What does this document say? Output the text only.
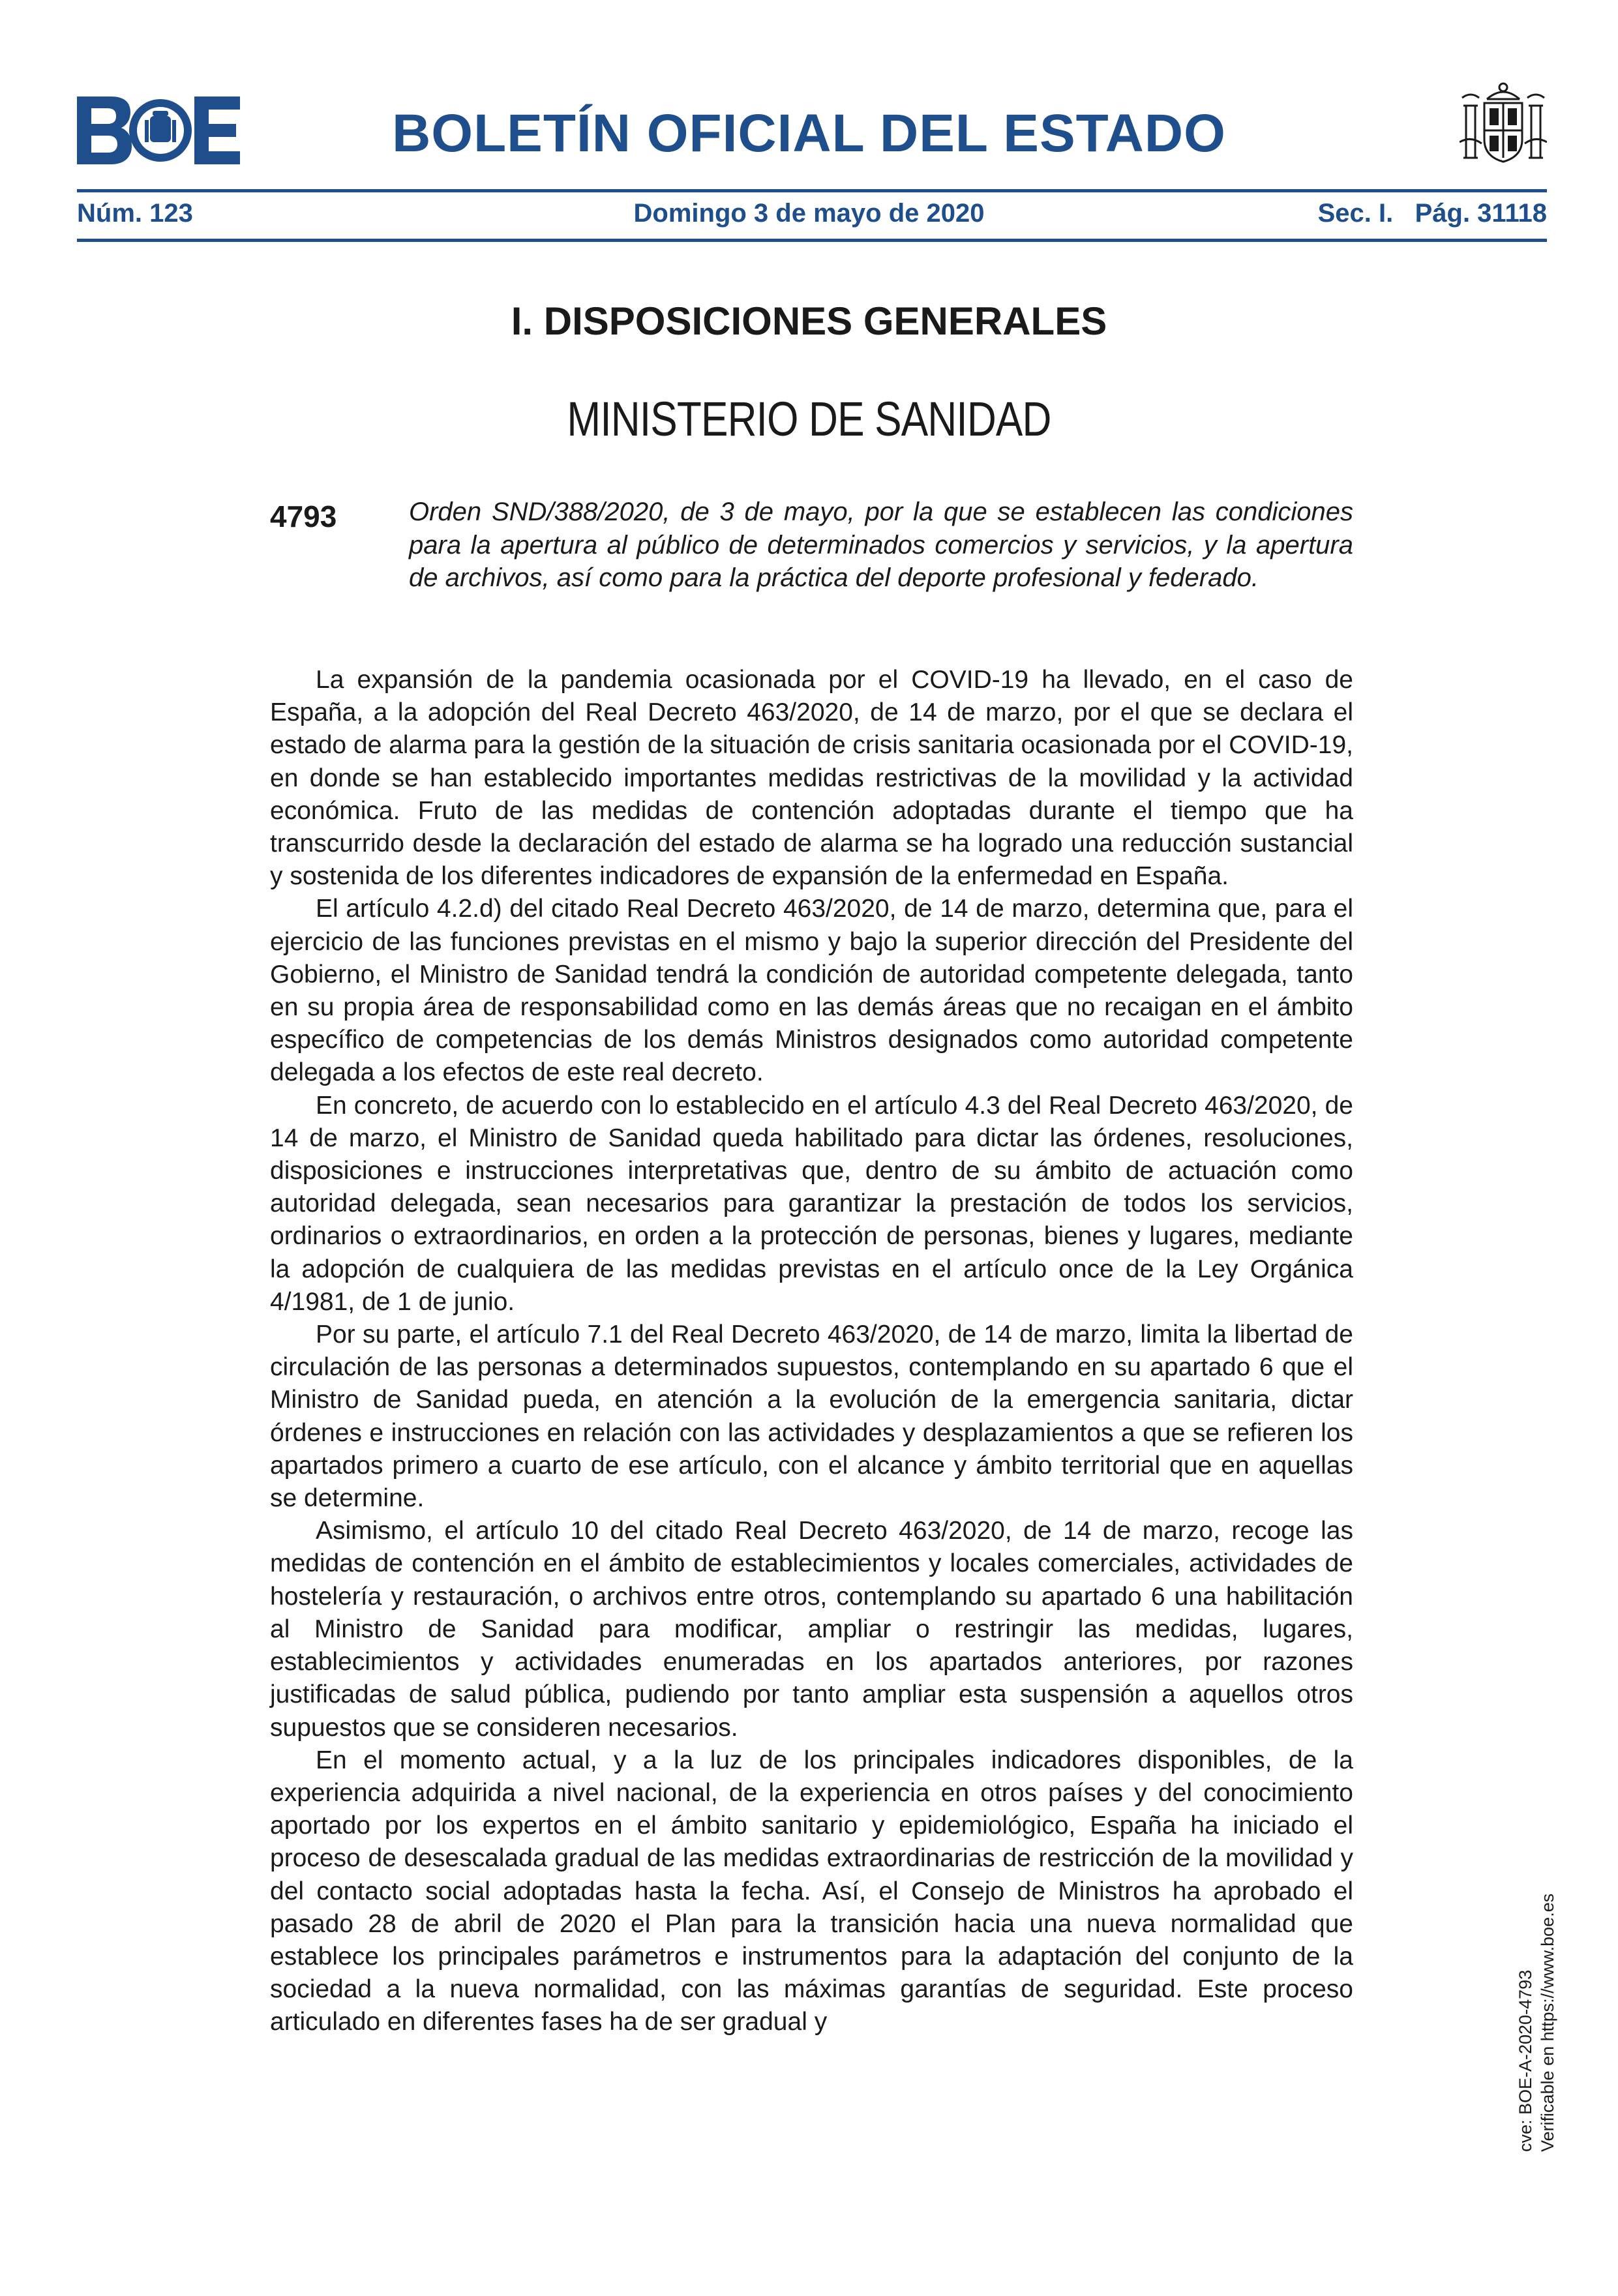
BOLETÍN OFICIAL DEL ESTADO
Núm. 123	Domingo 3 de mayo de 2020	Sec. I.   Pág. 31118
I. DISPOSICIONES GENERALES
MINISTERIO DE SANIDAD
4793	Orden SND/388/2020, de 3 de mayo, por la que se establecen las condiciones para la apertura al público de determinados comercios y servicios, y la apertura de archivos, así como para la práctica del deporte profesional y federado.

La expansión de la pandemia ocasionada por el COVID-19 ha llevado, en el caso de España, a la adopción del Real Decreto 463/2020, de 14 de marzo, por el que se declara el estado de alarma para la gestión de la situación de crisis sanitaria ocasionada por el COVID-19, en donde se han establecido importantes medidas restrictivas de la movilidad y la actividad económica. Fruto de las medidas de contención adoptadas durante el tiempo que ha transcurrido desde la declaración del estado de alarma se ha logrado una reducción sustancial y sostenida de los diferentes indicadores de expansión de la enfermedad en España.

El artículo 4.2.d) del citado Real Decreto 463/2020, de 14 de marzo, determina que, para el ejercicio de las funciones previstas en el mismo y bajo la superior dirección del Presidente del Gobierno, el Ministro de Sanidad tendrá la condición de autoridad competente delegada, tanto en su propia área de responsabilidad como en las demás áreas que no recaigan en el ámbito específico de competencias de los demás Ministros designados como autoridad competente delegada a los efectos de este real decreto.

En concreto, de acuerdo con lo establecido en el artículo 4.3 del Real Decreto 463/2020, de 14 de marzo, el Ministro de Sanidad queda habilitado para dictar las órdenes, resoluciones, disposiciones e instrucciones interpretativas que, dentro de su ámbito de actuación como autoridad delegada, sean necesarios para garantizar la prestación de todos los servicios, ordinarios o extraordinarios, en orden a la protección de personas, bienes y lugares, mediante la adopción de cualquiera de las medidas previstas en el artículo once de la Ley Orgánica 4/1981, de 1 de junio.

Por su parte, el artículo 7.1 del Real Decreto 463/2020, de 14 de marzo, limita la libertad de circulación de las personas a determinados supuestos, contemplando en su apartado 6 que el Ministro de Sanidad pueda, en atención a la evolución de la emergencia sanitaria, dictar órdenes e instrucciones en relación con las actividades y desplazamientos a que se refieren los apartados primero a cuarto de ese artículo, con el alcance y ámbito territorial que en aquellas se determine.

Asimismo, el artículo 10 del citado Real Decreto 463/2020, de 14 de marzo, recoge las medidas de contención en el ámbito de establecimientos y locales comerciales, actividades de hostelería y restauración, o archivos entre otros, contemplando su apartado 6 una habilitación al Ministro de Sanidad para modificar, ampliar o restringir las medidas, lugares, establecimientos y actividades enumeradas en los apartados anteriores, por razones justificadas de salud pública, pudiendo por tanto ampliar esta suspensión a aquellos otros supuestos que se consideren necesarios.

En el momento actual, y a la luz de los principales indicadores disponibles, de la experiencia adquirida a nivel nacional, de la experiencia en otros países y del conocimiento aportado por los expertos en el ámbito sanitario y epidemiológico, España ha iniciado el proceso de desescalada gradual de las medidas extraordinarias de restricción de la movilidad y del contacto social adoptadas hasta la fecha. Así, el Consejo de Ministros ha aprobado el pasado 28 de abril de 2020 el Plan para la transición hacia una nueva normalidad que establece los principales parámetros e instrumentos para la adaptación del conjunto de la sociedad a la nueva normalidad, con las máximas garantías de seguridad. Este proceso articulado en diferentes fases ha de ser gradual y	cve: BOE-A-2020-4793 Verificable en https://www.boe.es
